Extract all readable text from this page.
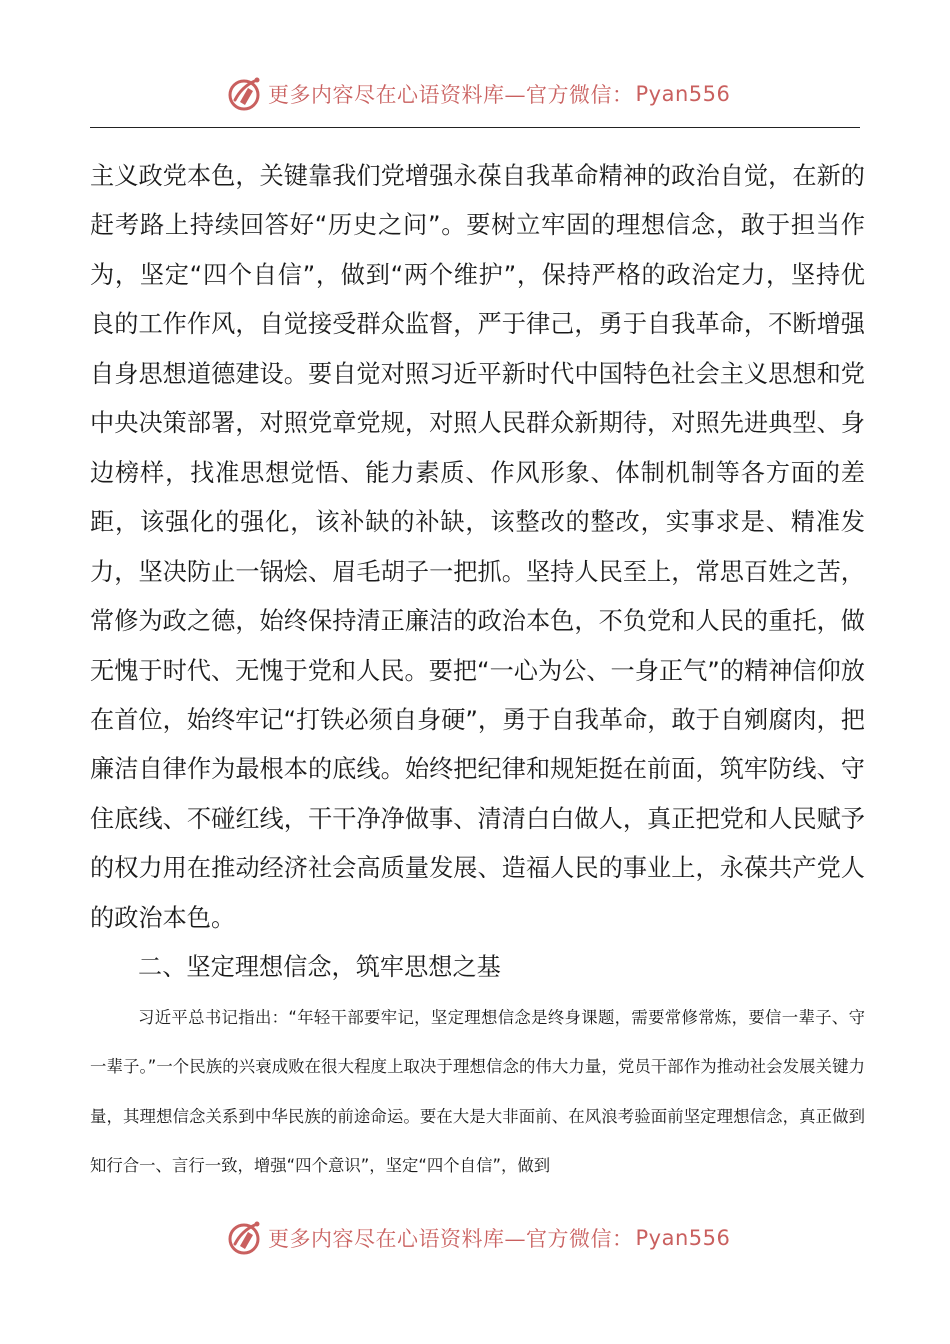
更多内容尽在心语资料库—官方微信： Pyan556

主义政党本色，关键靠我们党增强永葆自我革命精神的政治自觉，在新的赶考路上持续回答好“历史之问”。要树立牢固的理想信念，敢于担当作为，坚定“四个自信”，做到“两个维护”，保持严格的政治定力，坚持优良的工作作风，自觉接受群众监督，严于律己，勇于自我革命，不断增强自身思想道德建设。要自觉对照习近平新时代中国特色社会主义思想和党中央决策部署，对照党章党规，对照人民群众新期待，对照先进典型、身边榜样，找准思想觉悟、能力素质、作风形象、体制机制等各方面的差距，该强化的强化，该补缺的补缺，该整改的整改，实事求是、精准发力，坚决防止一锅烩、眉毛胡子一把抓。坚持人民至上，常思百姓之苦，常修为政之德，始终保持清正廉洁的政治本色，不负党和人民的重托，做无愧于时代、无愧于党和人民。要把“一心为公、一身正气”的精神信仰放在首位，始终牢记“打铁必须自身硬”，勇于自我革命，敢于自剜腐肉，把廉洁自律作为最根本的底线。始终把纪律和规矩挺在前面，筑牢防线、守住底线、不碰红线，干干净净做事、清清白白做人，真正把党和人民赋予的权力用在推动经济社会高质量发展、造福人民的事业上，永葆共产党人的政治本色。

二、坚定理想信念，筑牢思想之基

习近平总书记指出：“年轻干部要牢记，坚定理想信念是终身课题，需要常修常炼，要信一辈子、守一辈子。”一个民族的兴衰成败在很大程度上取决于理想信念的伟大力量，党员干部作为推动社会发展关键力量，其理想信念关系到中华民族的前途命运。要在大是大非面前、在风浪考验面前坚定理想信念，真正做到知行合一、言行一致，增强“四个意识”，坚定“四个自信”，做到

更多内容尽在心语资料库—官方微信： Pyan556
